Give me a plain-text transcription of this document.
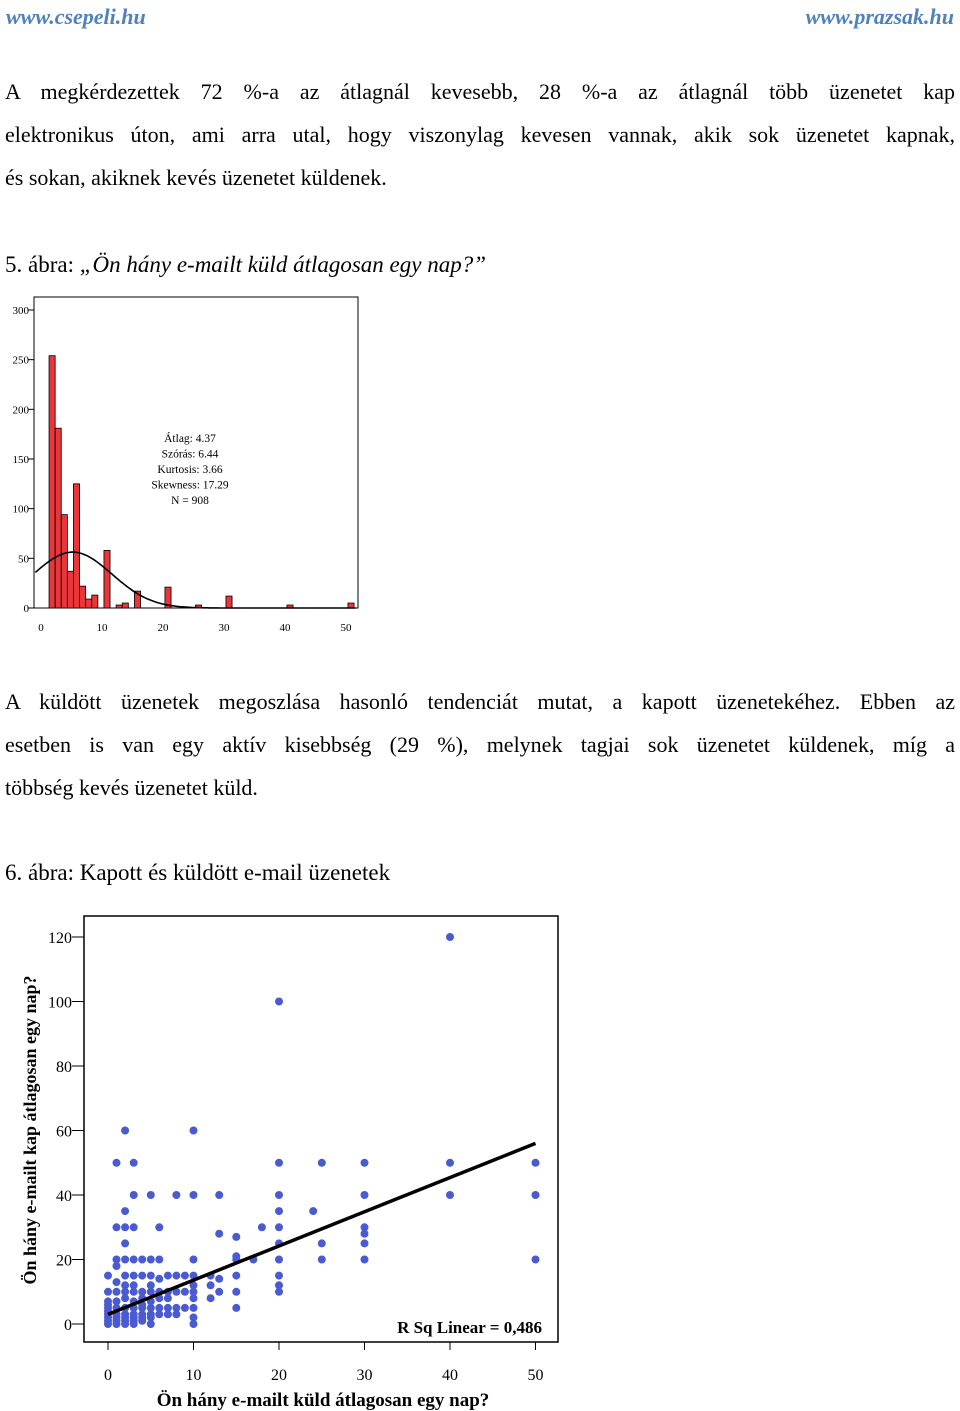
www.csepeli.hu	www.prazsak.hu
A megkérdezettek 72 %-a az átlagnál kevesebb, 28 %-a az átlagnál több üzenetet kap
elektronikus úton, ami arra utal, hogy viszonylag kevesen vannak, akik sok üzenetet kapnak,
és sokan, akiknek kevés üzenetet küldenek.
5. ábra: „Ön hány e-mailt küld átlagosan egy nap?”
0
50
100
150
200
250
300
0	10	20	30	40	50
Átlag: 4.37
Szórás: 6.44
Kurtosis: 3.66
Skewness: 17.29
N = 908
A küldött üzenetek megoszlása hasonló tendenciát mutat, a kapott üzenetekéhez. Ebben az
esetben is van egy aktív kisebbség (29 %), melynek tagjai sok üzenetet küldenek, míg a
többség kevés üzenetet küld.
6. ábra: Kapott és küldött e-mail üzenetek
0
20
40
60
80
100
120
0	10	20	30	40	50
R Sq Linear = 0,486
Ön hány e-mailt küld átlagosan egy nap?
Ön hány e-mailt kap átlagosan egy nap?
